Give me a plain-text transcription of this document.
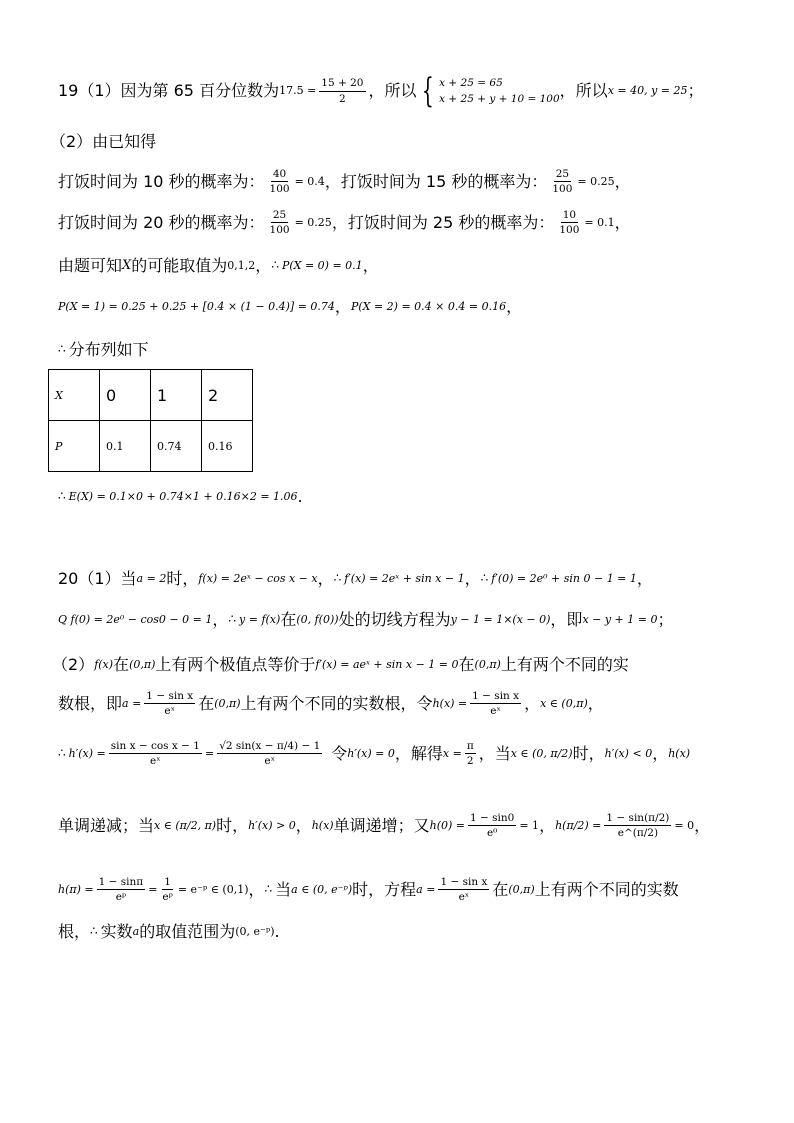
19（1）因为第 65 百分位数为 $17.5 = \frac{15 + 20}{2}$ ，所以 { x + 25 = 65
x + 25 + y + 10 = 100 ，所以 x = 40, y = 25 ；
（2）由已知得
打饭时间为 10 秒的概率为： $\frac{40}{100} = 0.4$ ，打饭时间为 15 秒的概率为： $\frac{25}{100} = 0.25$ ，
打饭时间为 20 秒的概率为： $\frac{25}{100} = 0.25$ ，打饭时间为 25 秒的概率为： $\frac{10}{100} = 0.1$ ，
由题可知 X 的可能取值为 0,1,2 ， ∴ P(X = 0) = 0.1 ，
P(X = 1) = 0.25 + 0.25 + [0.4 × (1 − 0.4)] = 0.74 ， P(X = 2) = 0.4 × 0.4 = 0.16 ，
∴ 分布列如下
X	0	1	2
P	0.1	0.74	0.16
∴ E(X) = 0.1×0 + 0.74×1 + 0.16×2 = 1.06 .
20（1）当 a = 2 时， f(x) = 2eˣ − cos x − x ， ∴ f′(x) = 2eˣ + sin x − 1 ， ∴ f′(0) = 2e⁰ + sin 0 − 1 = 1 ，
Q f(0) = 2e⁰ − cos0 − 0 = 1 ， ∴ y = f(x) 在 (0, f(0)) 处的切线方程为 y − 1 = 1×(x − 0) ，即 x − y + 1 = 0 ；
（2） f(x) 在 (0,π) 上有两个极值点等价于 f′(x) = aeˣ + sin x − 1 = 0 在 (0,π) 上有两个不同的实
数根，即 $a = \frac{\text{1 − sin x}}{\text{eˣ}}$ 在 (0,π) 上有两个不同的实数根，令 $h(x) = \frac{\text{1 − sin x}}{\text{eˣ}}$ ， x ∈ (0,π) ，
∴ $h'(x) = \frac{\text{sin x − cos x − 1}}{\text{eˣ}} = \frac{√2 \sin(x - \pi/4) - 1}{\text{eˣ}}$ 令 h′(x) = 0 ，解得 $x = \frac{\pi}{2}$ ，当 x ∈ (0, π/2) 时， h′(x) < 0 ， h(x)
单调递减；当 x ∈ (π/2, π) 时， h′(x) > 0 ， h(x) 单调递增；又 $h(0) = \frac{1 - \sin 0}{\text{e⁰}} = 1$ ， $h(\pi/2) = \frac{1 - \sin(\pi/2)}{e\^{}(\pi/2)} = 0$ ，
$h(\pi) = \frac{1 - \sin\pi}{\text{eᵖ}} = \frac{1}{\text{eᵖ}}$ = e⁻ᵖ ∈ (0,1) ， ∴ 当 a ∈ (0, e⁻ᵖ) 时，方程 $a = \frac{\text{1 − sin x}}{\text{eˣ}}$ 在 (0,π) 上有两个不同的实数
根， ∴ 实数 a 的取值范围为 (0, e⁻ᵖ) .
